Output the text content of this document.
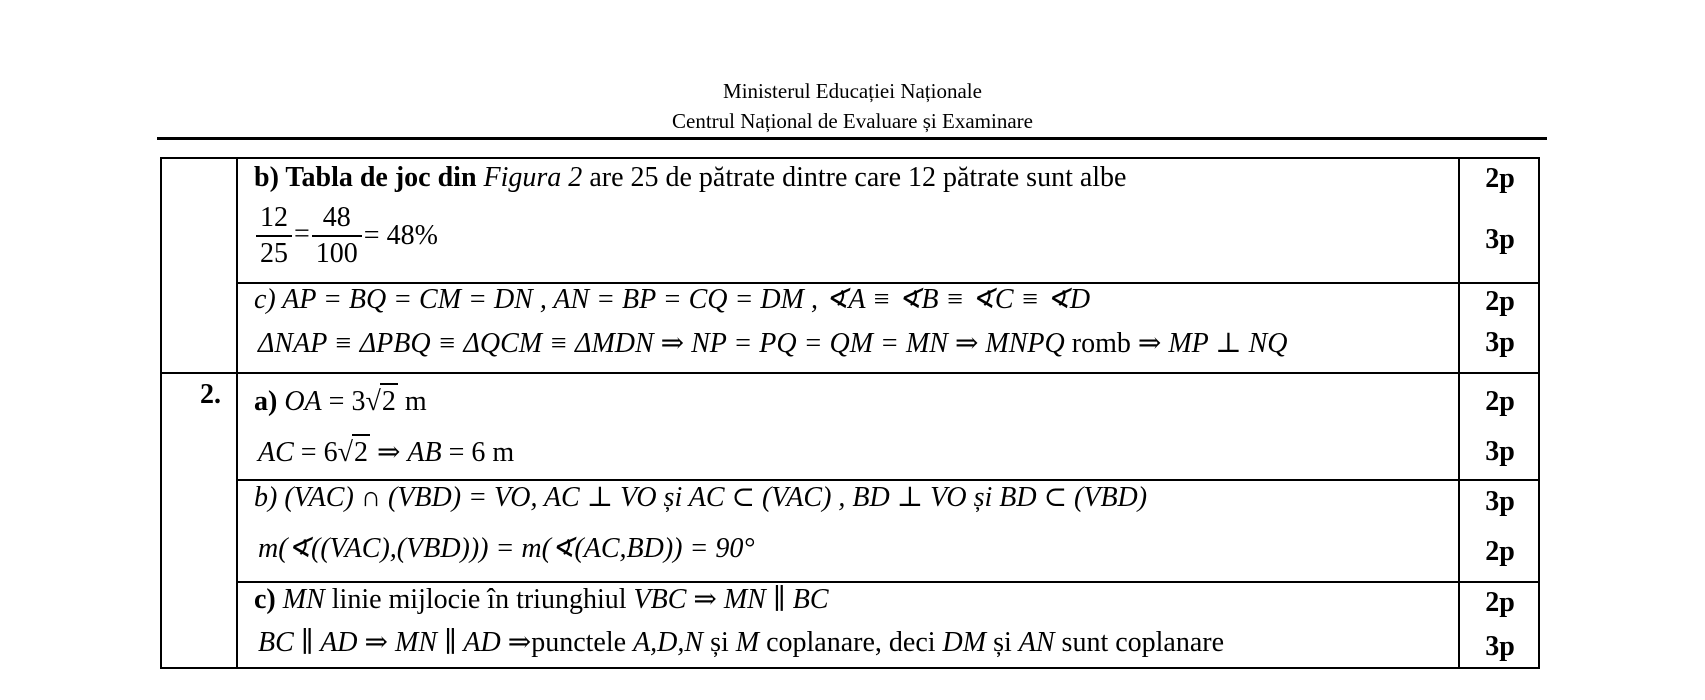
Ministerul Educației Naționale
Centrul Național de Evaluare și Examinare
b) Tabla de joc din Figura 2 are 25 de pătrate dintre care 12 pătrate sunt albe
$\frac{12}{25} = \frac{48}{100} = 48\%$
2p
3p
c) AP = BQ = CM = DN , AN = BP = CQ = DM , ∢A ≡ ∢B ≡ ∢C ≡ ∢D
ΔNAP ≡ ΔPBQ ≡ ΔQCM ≡ ΔMDN ⇒ NP = PQ = QM = MN ⇒ MNPQ romb ⇒ MP ⊥ NQ
2p
3p
2. a) OA = 3√2 m
AC = 6√2 ⇒ AB = 6 m
2p
3p
b) (VAC) ∩ (VBD) = VO, AC ⊥ VO și AC ⊂ (VAC) , BD ⊥ VO și BD ⊂ (VBD)
m(∢((VAC),(VBD))) = m(∢(AC,BD)) = 90°
3p
2p
c) MN linie mijlocie în triunghiul VBC ⇒ MN ∥ BC
BC ∥ AD ⇒ MN ∥ AD ⇒punctele A,D,N și M coplanare, deci DM și AN sunt coplanare
2p
3p
